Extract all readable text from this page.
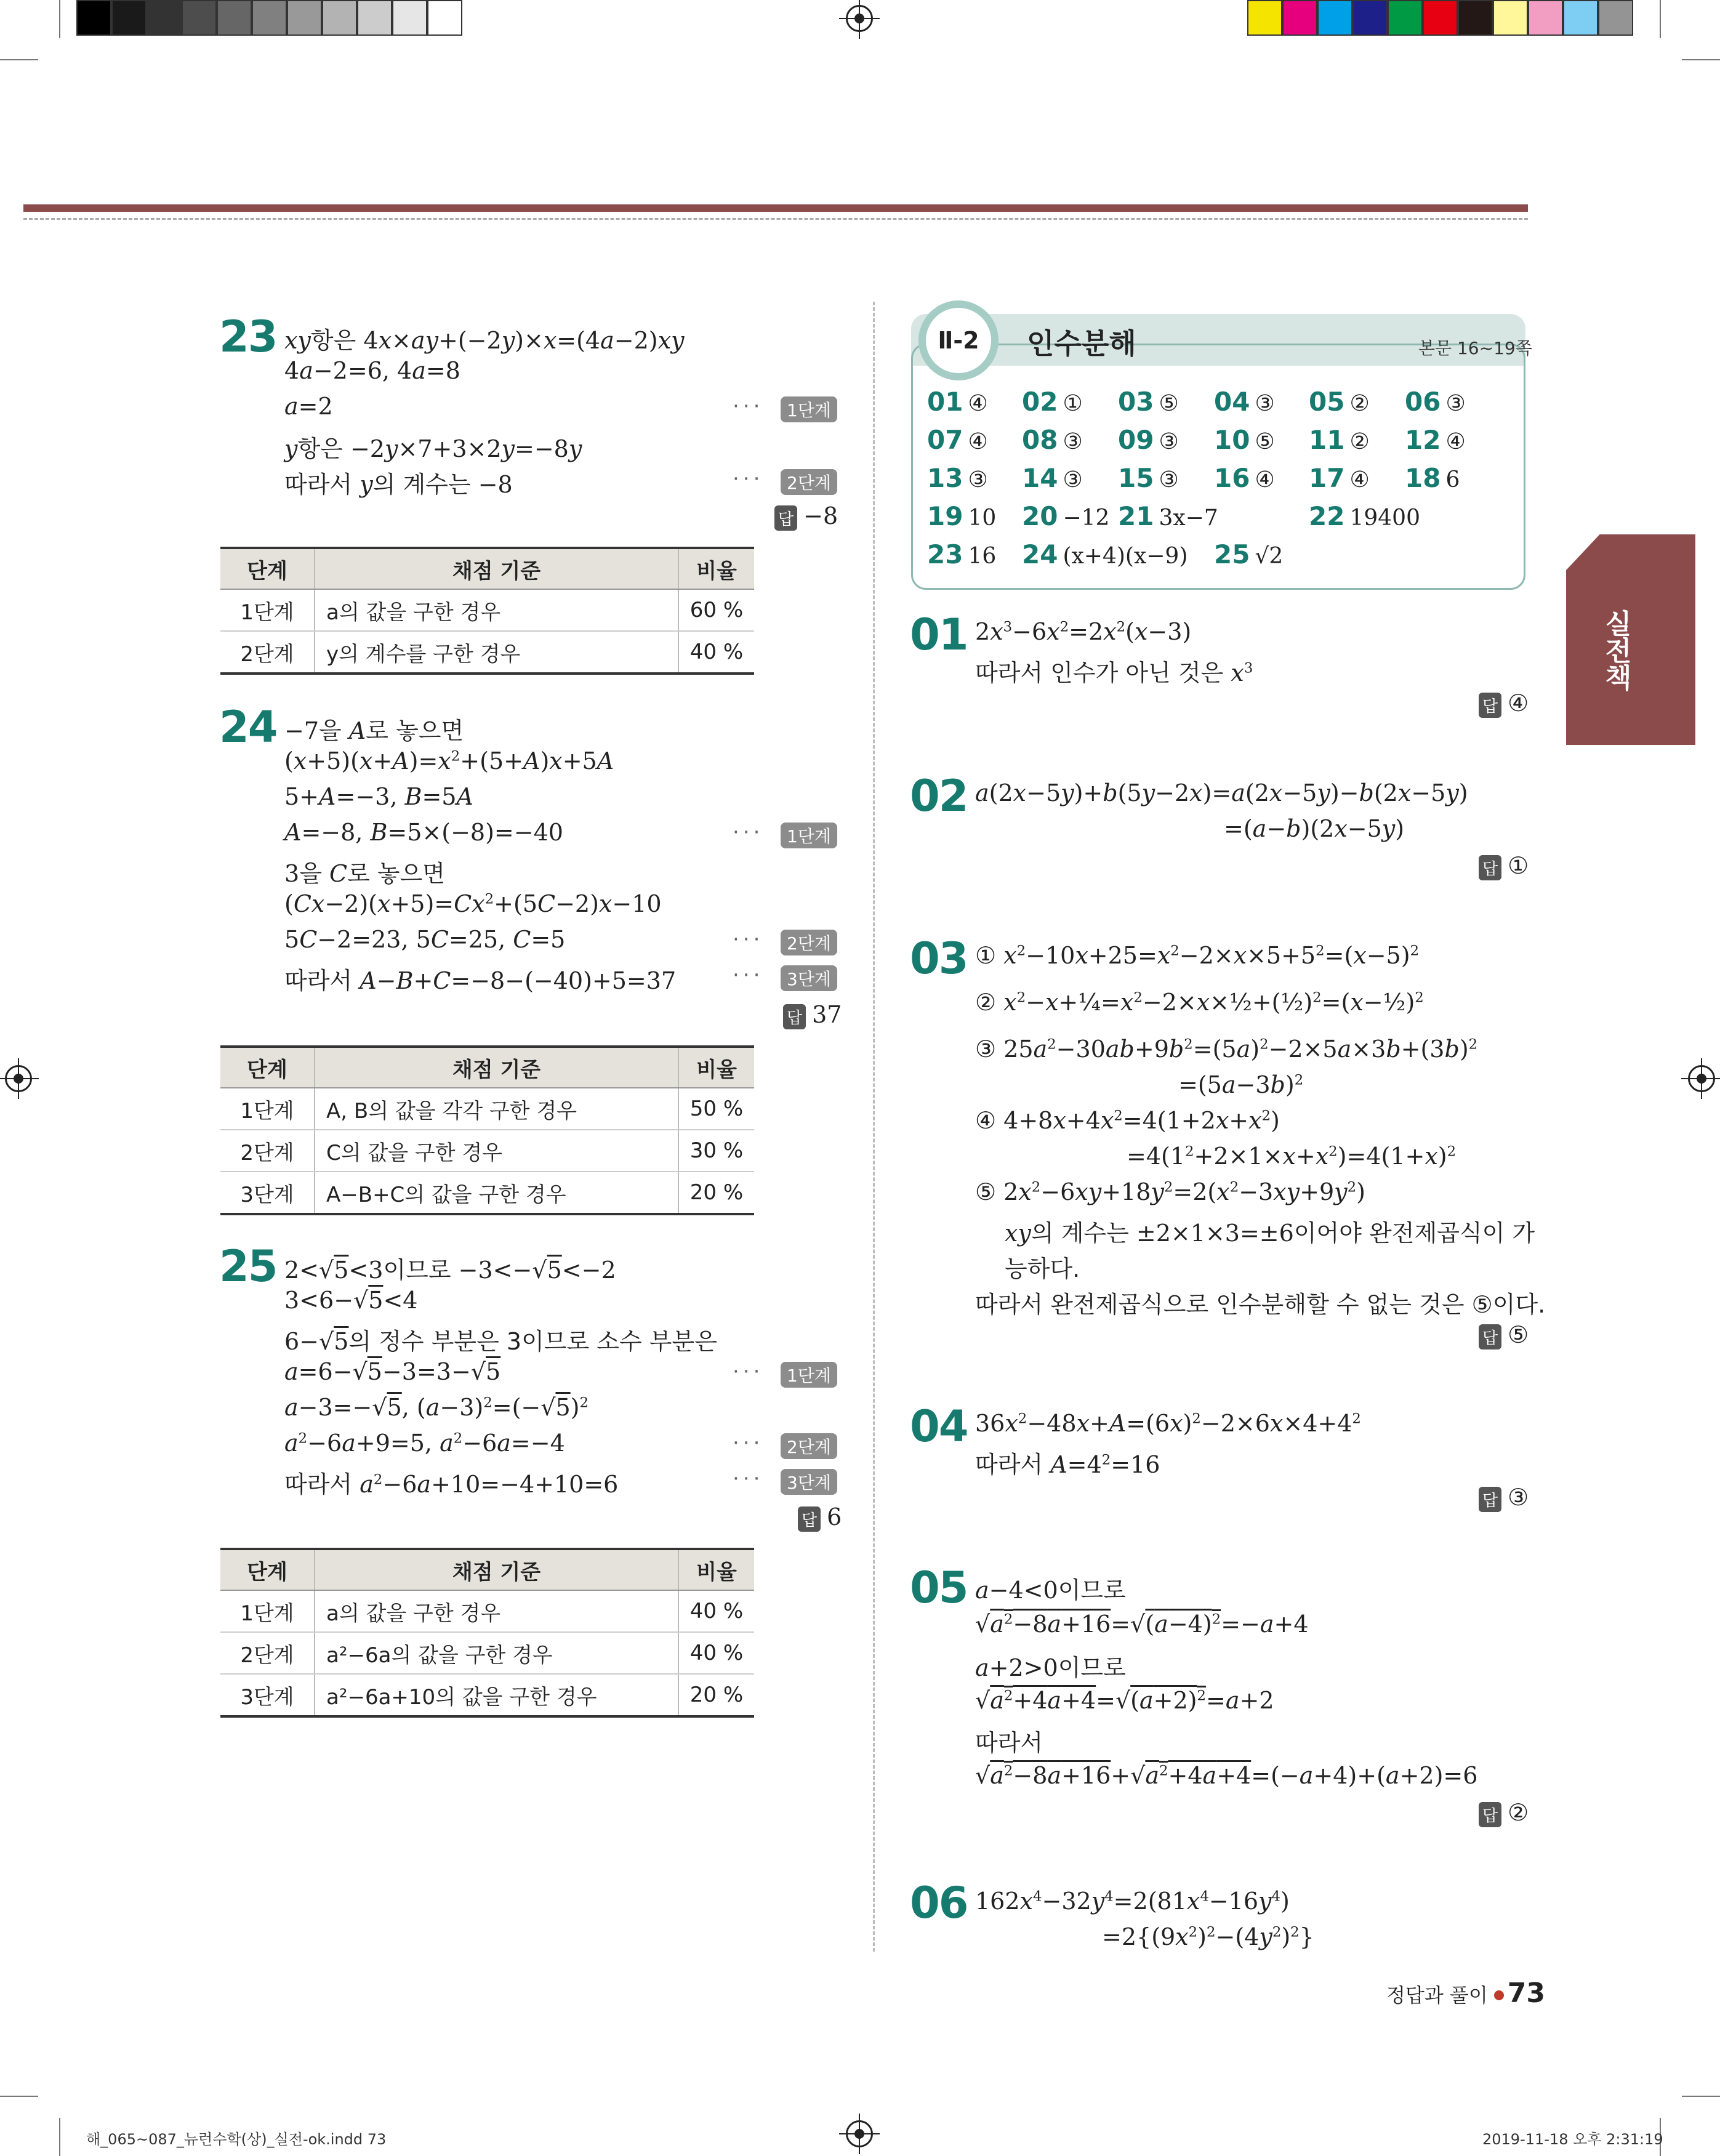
23 xy항은 4x×ay+(−2y)×x=(4a−2)xy
4a−2=6, 4a=8
a=2	···	1단계
y항은 −2y×7+3×2y=−8y
따라서 y의 계수는 −8	···	2단계
답 −8
단계	채점 기준	비율
1단계	a의 값을 구한 경우	60 %
2단계	y의 계수를 구한 경우	40 %
24 −7을 A로 놓으면
$(x+5)(x+A)=x^2+(5+A)x+5A$
5+A=−3, B=5A
A=−8, B=5×(−8)=−40	···	1단계
3을 C로 놓으면
$(Cx-2)(x+5)=Cx^2+(5C-2)x-10$
5C−2=23, 5C=25, C=5	···	2단계
따라서 A−B+C=−8−(−40)+5=37	···	3단계
답 37
단계	채점 기준	비율
1단계	A, B의 값을 각각 구한 경우	50 %
2단계	C의 값을 구한 경우	30 %
3단계	A−B+C의 값을 구한 경우	20 %
25 2<√5<3이므로 −3<−√5<−2
3<6−√5<4
6−√5의 정수 부분은 3이므로 소수 부분은
a=6−√5−3=3−√5	···	1단계
a−3=−√5, $(a-3)^2=(-√5)^2$
$a^2-6a+9=5$, $a^2-6a=-4$	···	2단계
따라서 $a^2-6a+10=-4+10=6$	···	3단계
답 6
단계	채점 기준	비율
1단계	a의 값을 구한 경우	40 %
2단계	a²−6a의 값을 구한 경우	40 %
3단계	a²−6a+10의 값을 구한 경우	20 %
Ⅱ-2	인수분해	본문 16~19쪽
01 ④ 02 ① 03 ⑤ 04 ③ 05 ② 06 ③
07 ④ 08 ③ 09 ③ 10 ⑤ 11 ② 12 ④
13 ③ 14 ③ 15 ③ 16 ④ 17 ④ 18 6
19 10 20 −12 21 3x−7	22 19400
23 16 24 (x+4)(x−9) 25 √2
실전책
01 $2x^3-6x^2=2x^2(x-3)$
따라서 인수가 아닌 것은 $x^3$
답 ④
02 a(2x−5y)+b(5y−2x)=a(2x−5y)−b(2x−5y)
=(a−b)(2x−5y)
답 ①
03 ① $x^2-10x+25=x^2-2\times x\times 5+5^2=(x-5)^2$
② $x^2-x+\frac{1}{4}=x^2-2\times x\times\frac{1}{2}+(\frac{1}{2})^2=(x-\frac{1}{2})^2$
③ $25a^2-30ab+9b^2=(5a)^2-2\times 5a\times 3b+(3b)^2$
$=(5a-3b)^2$
④ $4+8x+4x^2=4(1+2x+x^2)$
$=4(1^2+2\times 1\times x+x^2)=4(1+x)^2$
⑤ $2x^2-6xy+18y^2=2(x^2-3xy+9y^2)$
xy의 계수는 ±2×1×3=±6이어야 완전제곱식이 가
능하다.
따라서 완전제곱식으로 인수분해할 수 없는 것은 ⑤이다.
답 ⑤
04 $36x^2-48x+A=(6x)^2-2\times 6x\times 4+4^2$
따라서 $A=4^2=16$
답 ③
05 a−4<0이므로
$√a^2-8a+16=√(a-4)^2=-a+4$
a+2>0이므로
$√a^2+4a+4=√(a+2)^2=a+2$
따라서
$√a^2-8a+16+√a^2+4a+4=(-a+4)+(a+2)=6$
답 ②
06 $162x^4-32y^4=2(81x^4-16y^4)$
$=2\{(9x^2)^2-(4y^2)^2\}$
정답과 풀이 73
해_065~087_뉴런수학(상)_실전-ok.indd 73	2019-11-18 오후 2:31:19
